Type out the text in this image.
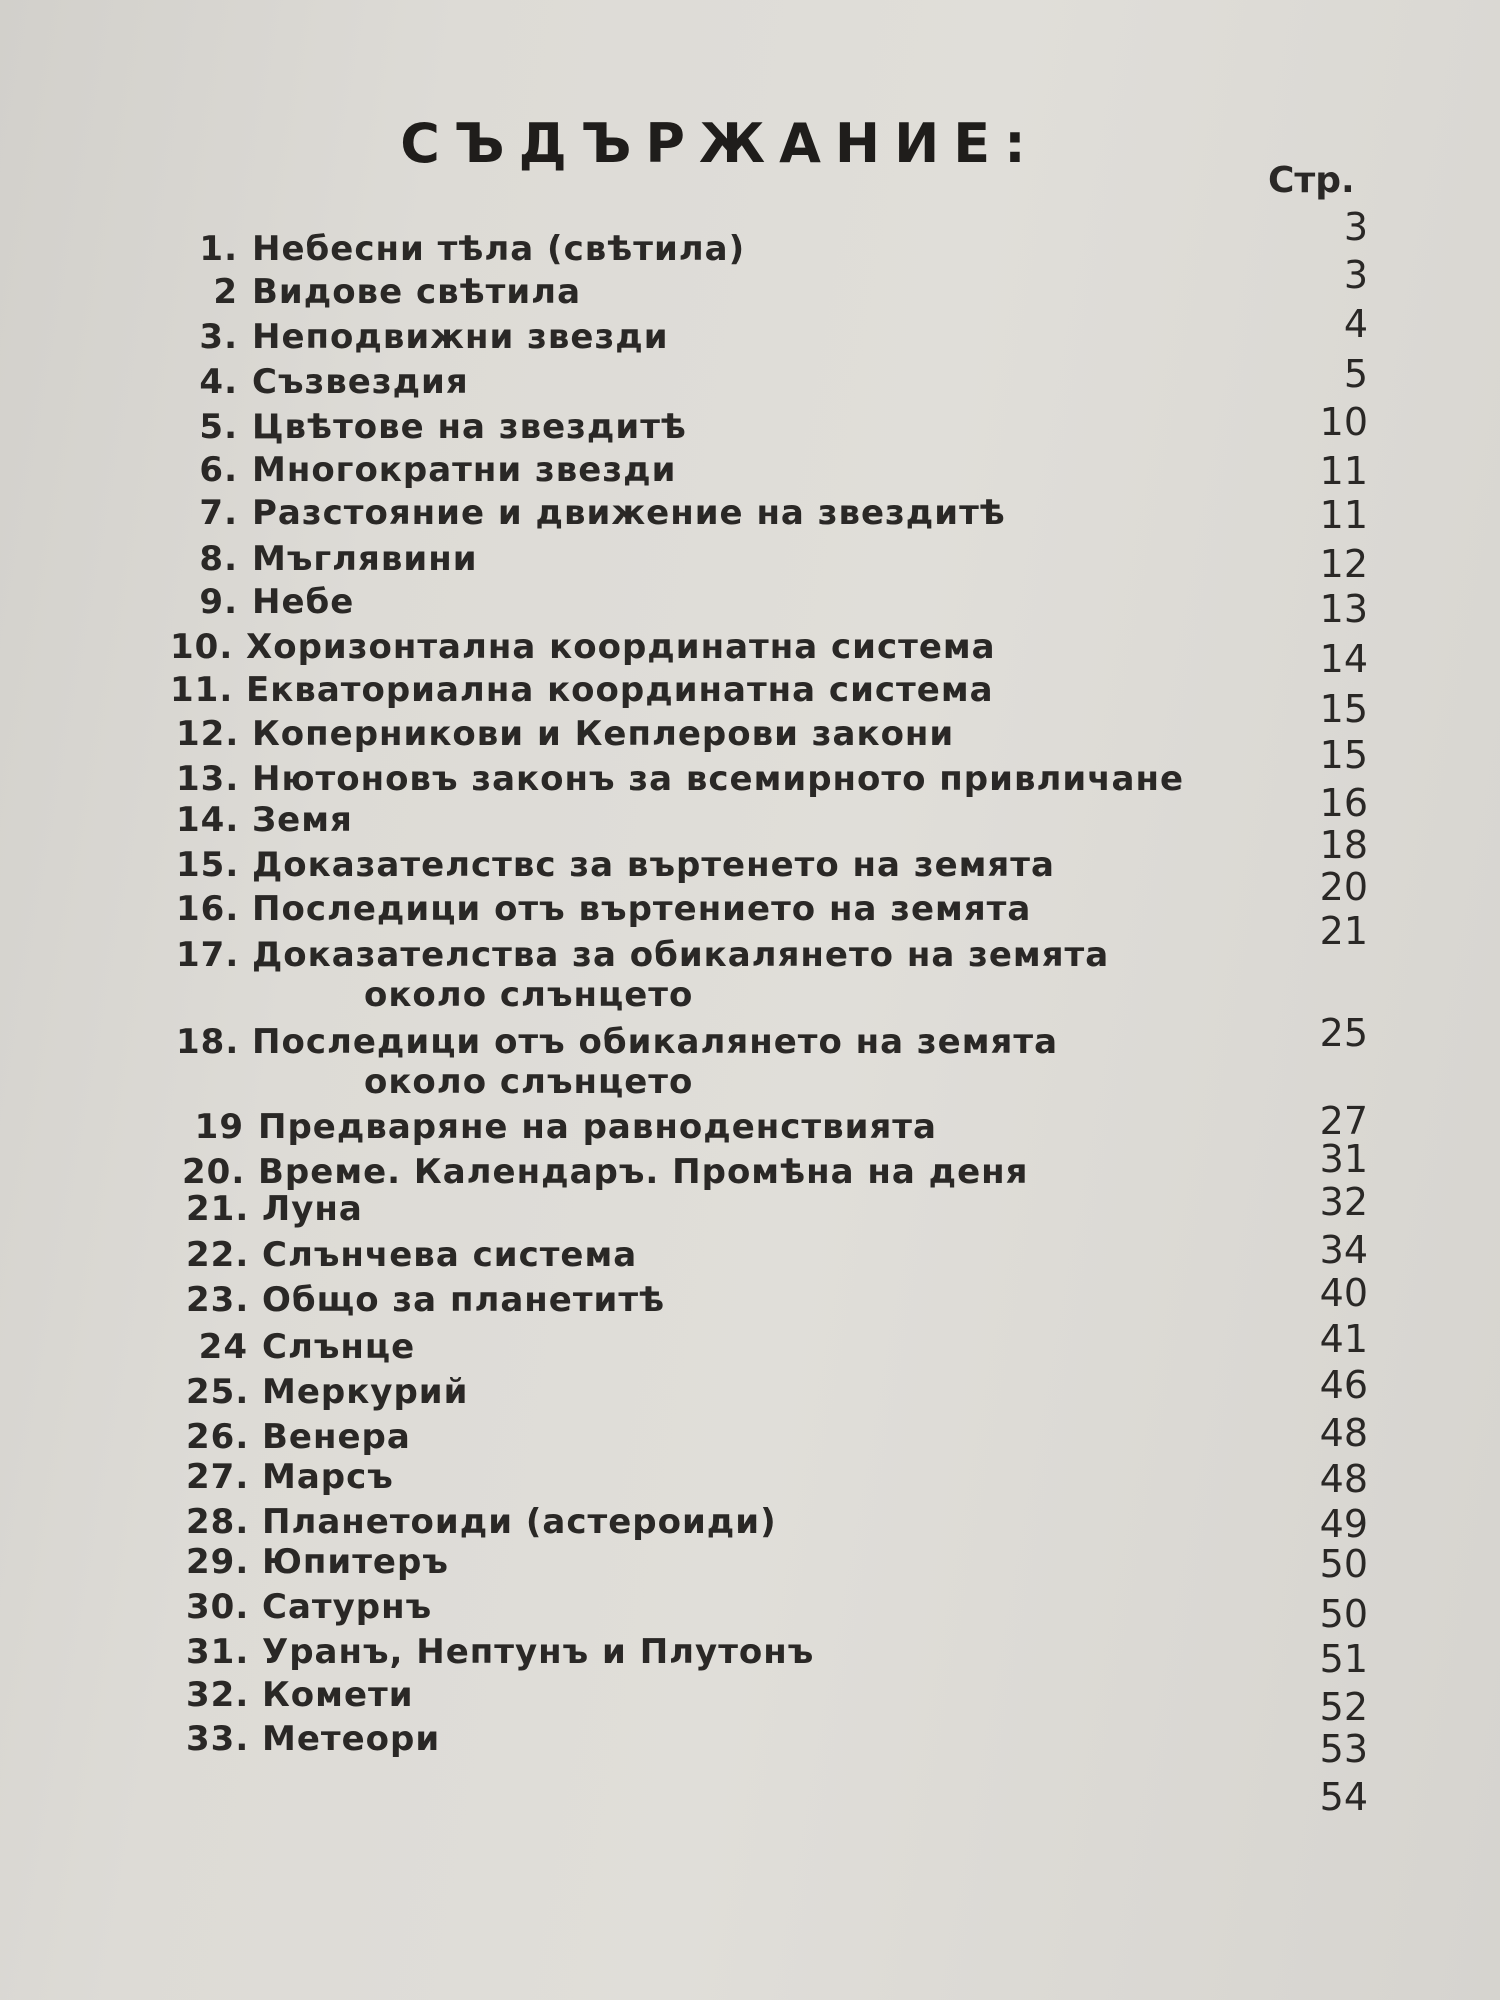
СЪДЪРЖАНИЕ:
Стр.
1. Небесни тѣла (свѣтила)
2 Видове свѣтила
3. Неподвижни звезди
4. Съзвездия
5. Цвѣтове на звездитѣ
6. Многократни звезди
7. Разстояние и движение на звездитѣ
8. Мъглявини
9. Небе
10. Хоризонтална координатна система
11. Екваториална координатна система
12. Коперникови и Кеплерови закони
13. Нютоновъ законъ за всемирното привличане
14. Земя
15. Доказателствс за въртенето на земята
16. Последици отъ въртението на земята
17. Доказателства за обикалянето на земята
около слънцето
18. Последици отъ обикалянето на земята
около слънцето
19 Предваряне на равноденствията
20. Време. Календаръ. Промѣна на деня
21. Луна
22. Слънчева система
23. Общо за планетитѣ
24 Слънце
25. Меркурий
26. Венера
27. Марсъ
28. Планетоиди (астероиди)
29. Юпитеръ
30. Сатурнъ
31. Уранъ, Нептунъ и Плутонъ
32. Комети
33. Метеори
3
3
4
5
10
11
11
12
13
14
15
15
16
18
20
21
25
27
31
32
34
40
41
46
48
48
49
50
50
51
52
53
54
